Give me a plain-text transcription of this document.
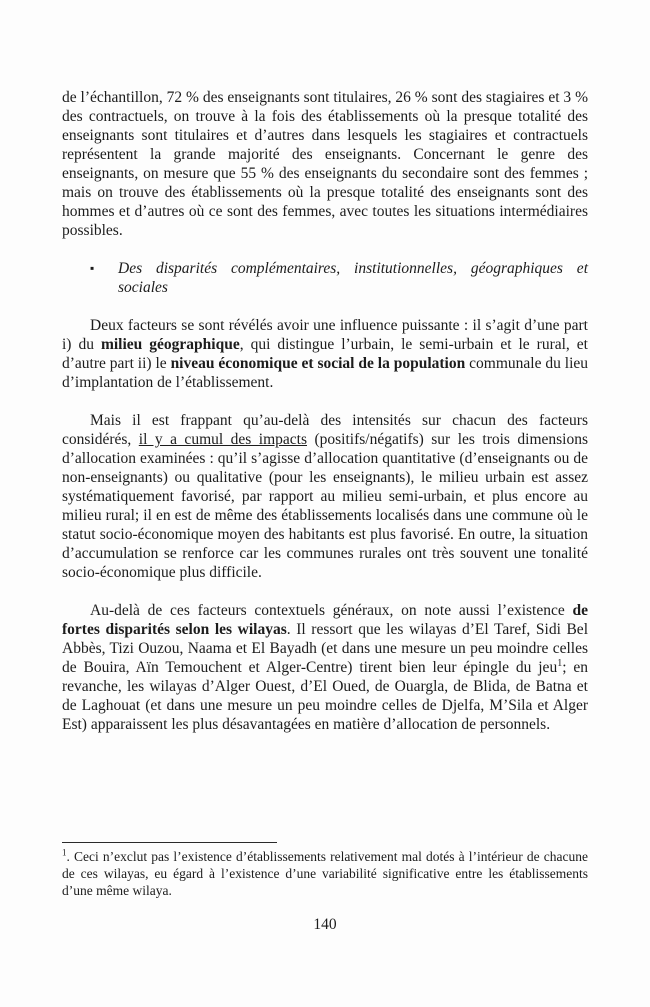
de l’échantillon, 72 % des enseignants sont titulaires, 26 % sont des stagiaires et 3 % des contractuels, on trouve à la fois des établissements où la presque totalité des enseignants sont titulaires et d’autres dans lesquels les stagiaires et contractuels représentent la grande majorité des enseignants. Concernant le genre des enseignants, on mesure que 55 % des enseignants du secondaire sont des femmes ; mais on trouve des établissements où la presque totalité des enseignants sont des hommes et d’autres où ce sont des femmes, avec toutes les situations intermédiaires possibles.

▪ Des disparités complémentaires, institutionnelles, géographiques et sociales

Deux facteurs se sont révélés avoir une influence puissante : il s’agit d’une part i) du milieu géographique, qui distingue l’urbain, le semi-urbain et le rural, et d’autre part ii) le niveau économique et social de la population communale du lieu d’implantation de l’établissement.

Mais il est frappant qu’au-delà des intensités sur chacun des facteurs considérés, il y a cumul des impacts (positifs/négatifs) sur les trois dimensions d’allocation examinées : qu’il s’agisse d’allocation quantitative (d’enseignants ou de non-enseignants) ou qualitative (pour les enseignants), le milieu urbain est assez systématiquement favorisé, par rapport au milieu semi-urbain, et plus encore au milieu rural; il en est de même des établissements localisés dans une commune où le statut socio-économique moyen des habitants est plus favorisé. En outre, la situation d’accumulation se renforce car les communes rurales ont très souvent une tonalité socio-économique plus difficile.

Au-delà de ces facteurs contextuels généraux, on note aussi l’existence de fortes disparités selon les wilayas. Il ressort que les wilayas d’El Taref, Sidi Bel Abbès, Tizi Ouzou, Naama et El Bayadh (et dans une mesure un peu moindre celles de Bouira, Aïn Temouchent et Alger-Centre) tirent bien leur épingle du jeu$^1$; en revanche, les wilayas d’Alger Ouest, d’El Oued, de Ouargla, de Blida, de Batna et de Laghouat (et dans une mesure un peu moindre celles de Djelfa, M’Sila et Alger Est) apparaissent les plus désavantagées en matière d’allocation de personnels.

$^1$. Ceci n’exclut pas l’existence d’établissements relativement mal dotés à l’intérieur de chacune de ces wilayas, eu égard à l’existence d’une variabilité significative entre les établissements d’une même wilaya.

140
